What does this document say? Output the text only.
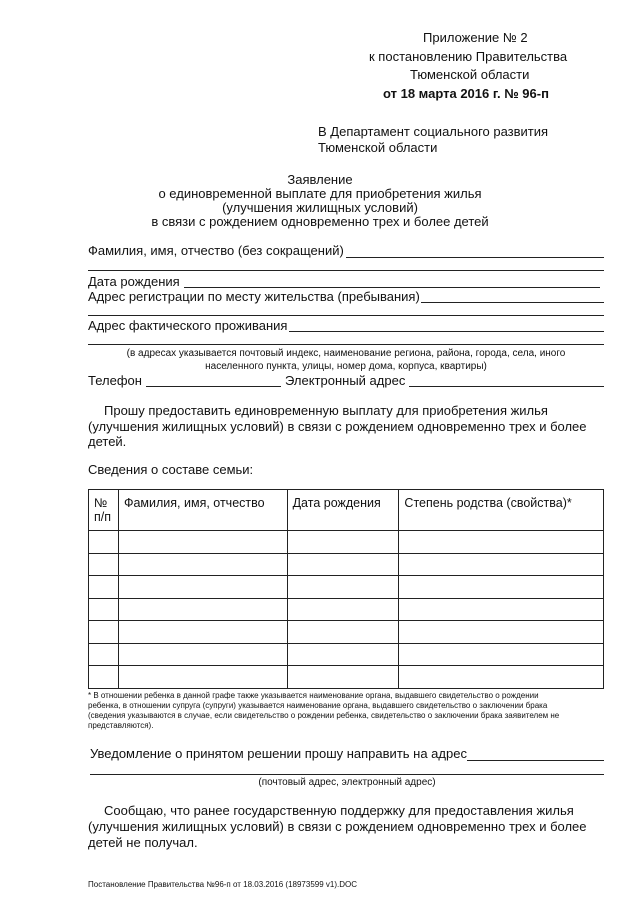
Приложение № 2
к постановлению Правительства
Тюменской области
от 18 марта 2016 г. № 96-п
В Департамент социального развития
Тюменской области
Заявление
о единовременной выплате для приобретения жилья
(улучшения жилищных условий)
в связи с рождением одновременно трех и более детей
Фамилия, имя, отчество (без сокращений)
Дата рождения
Адрес регистрации по месту жительства (пребывания)
Адрес фактического проживания
(в адресах указывается почтовый индекс, наименование региона, района, города, села, иного
населенного пункта, улицы, номер дома, корпуса, квартиры)
Телефон	Электронный адрес
Прошу предоставить единовременную выплату для приобретения жилья
(улучшения жилищных условий) в связи с рождением одновременно трех и более
детей.
Сведения о составе семьи:
№
п/п	Фамилия, имя, отчество	Дата рождения	Степень родства (свойства)*

* В отношении ребенка в данной графе также указывается наименование органа, выдавшего свидетельство о рождении
ребенка, в отношении супруга (супруги) указывается наименование органа, выдавшего свидетельство о заключении брака
(сведения указываются в случае, если свидетельство о рождении ребенка, свидетельство о заключении брака заявителем не
представляются).
Уведомление о принятом решении прошу направить на адрес
(почтовый адрес, электронный адрес)
Сообщаю, что ранее государственную поддержку для предоставления жилья
(улучшения жилищных условий) в связи с рождением одновременно трех и более
детей не получал.
Постановление Правительства №96-п от 18.03.2016 (18973599 v1).DOC
